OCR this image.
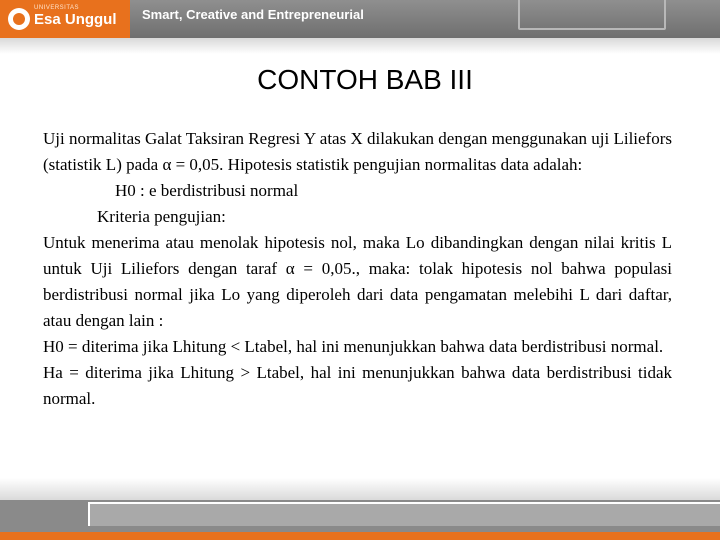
UNIVERSITAS
Esa Unggul Smart, Creative and Entrepreneurial
CONTOH BAB III

Uji normalitas Galat Taksiran Regresi Y atas X dilakukan dengan menggunakan uji Liliefors (statistik L) pada α = 0,05. Hipotesis statistik pengujian normalitas data adalah:

H0 : e berdistribusi normal

Kriteria pengujian:

Untuk menerima atau menolak hipotesis nol, maka Lo dibandingkan dengan nilai kritis L untuk Uji Liliefors dengan taraf α = 0,05., maka: tolak hipotesis nol bahwa populasi berdistribusi normal jika Lo yang diperoleh dari data pengamatan melebihi L dari daftar, atau dengan lain :

H0 = diterima jika Lhitung < Ltabel, hal ini menunjukkan bahwa data berdistribusi normal.

Ha = diterima jika Lhitung > Ltabel, hal ini menunjukkan bahwa data berdistribusi tidak normal.
